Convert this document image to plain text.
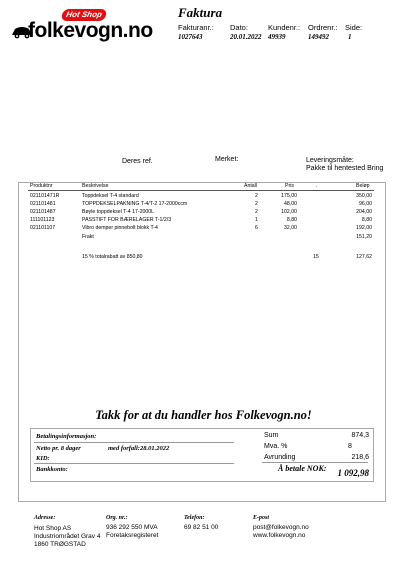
Hot Shop
folkevogn.no
Faktura
Fakturanr.:
1027643
Dato:
20.01.2022
Kundenr.:
49939
Ordrenr.:
149492
Side:
1
Deres ref.	Merket:	Leveringsmåte:
Pakke til hentested Bring
Produktnr	Beskrivelse	Antall	Pris	.	Beløp
021101471R	Toppdeksel T-4 standard	2	175,00	350,00
021101481	TOPPDEKSELPAKNING T-4/T-2 17-2000ccm	2	48,00	96,00
021101487	Bøyle toppdeksel T-4 17-2000L	2	102,00	204,00
111101123	PASSTIFT FOR BÆRELAGER T-1/2/3	1	8,80	8,80
021101107	Vibro demper pinnebolt blokk T-4	6	32,00	192,00
Frakt	151,20
15 % totalrabatt av 850,80	15	127,62
Takk for at du handler hos Folkevogn.no!
Betalingsinformasjon:
Netto pr. 8 dager	med forfall:28.01.2022
KID:
Bankkonto:
Sum	874,3
Mva. %	8
Avrunding	218,6
Å betale NOK: 1 092,98
Adresse:
Hot Shop AS
Industriområdet Grav 4
1860 TRØGSTAD
Org. nr.:
936 292 550 MVA
Foretaksregisteret
Telefon:
69 82 51 00
E-post
post@folkevogn.no
www.folkevogn.no
